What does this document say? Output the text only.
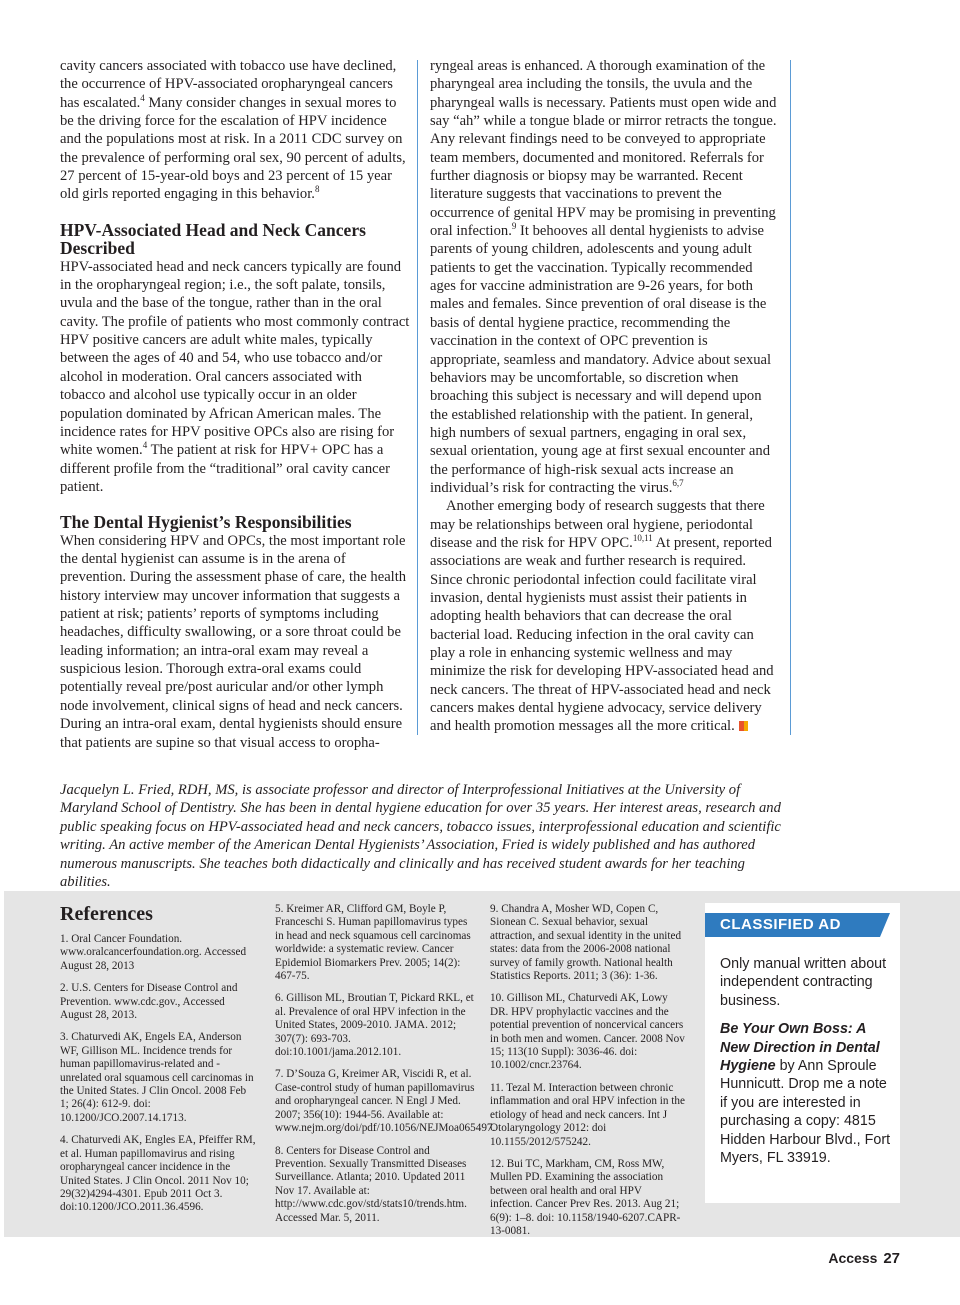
cavity cancers associated with tobacco use have declined, the occurrence of HPV-associated oropharyngeal cancers has escalated.$^4$ Many consider changes in sexual mores to be the driving force for the escalation of HPV incidence and the populations most at risk. In a 2011 CDC survey on the prevalence of performing oral sex, 90 percent of adults, 27 percent of 15-year-old boys and 23 percent of 15 year old girls reported engaging in this behavior.$^8$

HPV-Associated Head and Neck Cancers Described

HPV-associated head and neck cancers typically are found in the oropharyngeal region; i.e., the soft palate, tonsils, uvula and the base of the tongue, rather than in the oral cavity. The profile of patients who most commonly contract HPV positive cancers are adult white males, typically between the ages of 40 and 54, who use tobacco and/or alcohol in moderation. Oral cancers associated with tobacco and alcohol use typically occur in an older population dominated by African American males. The incidence rates for HPV positive OPCs also are rising for white women.$^4$ The patient at risk for HPV+ OPC has a different profile from the “traditional” oral cavity cancer patient.

The Dental Hygienist’s Responsibilities

When considering HPV and OPCs, the most important role the dental hygienist can assume is in the arena of prevention. During the assessment phase of care, the health history interview may uncover information that suggests a patient at risk; patients’ reports of symptoms including headaches, difficulty swallowing, or a sore throat could be leading information; an intra-oral exam may reveal a suspicious lesion. Thorough extra-oral exams could potentially reveal pre/post auricular and/or other lymph node involvement, clinical signs of head and neck cancers. During an intra-oral exam, dental hygienists should ensure that patients are supine so that visual access to oropha-

ryngeal areas is enhanced. A thorough examination of the pharyngeal area including the tonsils, the uvula and the pharyngeal walls is necessary. Patients must open wide and say “ah” while a tongue blade or mirror retracts the tongue. Any relevant findings need to be conveyed to appropriate team members, documented and monitored. Referrals for further diagnosis or biopsy may be warranted. Recent literature suggests that vaccinations to prevent the occurrence of genital HPV may be promising in preventing oral infection.$^9$ It behooves all dental hygienists to advise parents of young children, adolescents and young adult patients to get the vaccination. Typically recommended ages for vaccine administration are 9-26 years, for both males and females. Since prevention of oral disease is the basis of dental hygiene practice, recommending the vaccination in the context of OPC prevention is appropriate, seamless and mandatory. Advice about sexual behaviors may be uncomfortable, so discretion when broaching this subject is necessary and will depend upon the established relationship with the patient. In general, high numbers of sexual partners, engaging in oral sex, sexual orientation, young age at first sexual encounter and the performance of high-risk sexual acts increase an individual’s risk for contracting the virus.$^{6,7}$

Another emerging body of research suggests that there may be relationships between oral hygiene, periodontal disease and the risk for HPV OPC.$^{10,11}$ At present, reported associations are weak and further research is required. Since chronic periodontal infection could facilitate viral invasion, dental hygienists must assist their patients in adopting health behaviors that can decrease the oral bacterial load. Reducing infection in the oral cavity can play a role in enhancing systemic wellness and may minimize the risk for developing HPV-associated head and neck cancers. The threat of HPV-associated head and neck cancers makes dental hygiene advocacy, service delivery and health promotion messages all the more critical.

Jacquelyn L. Fried, RDH, MS, is associate professor and director of Interprofessional Initiatives at the University of Maryland School of Dentistry. She has been in dental hygiene education for over 35 years. Her interest areas, research and public speaking focus on HPV-associated head and neck cancers, tobacco issues, interprofessional education and scientific writing. An active member of the American Dental Hygienists’ Association, Fried is widely published and has authored numerous manuscripts. She teaches both didactically and clinically and has received student awards for her teaching abilities.

References

1. Oral Cancer Foundation. www.oralcancerfoundation.org. Accessed August 28, 2013

2. U.S. Centers for Disease Control and Prevention. www.cdc.gov., Accessed August 28, 2013.

3. Chaturvedi AK, Engels EA, Anderson WF, Gillison ML. Incidence trends for human papillomavirus-related and -unrelated oral squamous cell carcinomas in the United States. J Clin Oncol. 2008 Feb 1; 26(4): 612-9. doi: 10.1200/JCO.2007.14.1713.

4. Chaturvedi AK, Engles EA, Pfeiffer RM, et al. Human papillomavirus and rising oropharyngeal cancer incidence in the United States. J Clin Oncol. 2011 Nov 10; 29(32)4294-4301. Epub 2011 Oct 3. doi:10.1200/JCO.2011.36.4596.

5. Kreimer AR, Clifford GM, Boyle P, Franceschi S. Human papillomavirus types in head and neck squamous cell carcinomas worldwide: a systematic review. Cancer Epidemiol Biomarkers Prev. 2005; 14(2): 467-75.

6. Gillison ML, Broutian T, Pickard RKL, et al. Prevalence of oral HPV infection in the United States, 2009-2010. JAMA. 2012; 307(7): 693-703. doi:10.1001/jama.2012.101.

7. D’Souza G, Kreimer AR, Viscidi R, et al. Case-control study of human papillomavirus and oropharyngeal cancer. N Engl J Med. 2007; 356(10): 1944-56. Available at: www.nejm.org/doi/pdf/10.1056/NEJMoa065497.

8. Centers for Disease Control and Prevention. Sexually Transmitted Diseases Surveillance. Atlanta; 2010. Updated 2011 Nov 17. Available at: http://www.cdc.gov/std/stats10/trends.htm. Accessed Mar. 5, 2011.

9. Chandra A, Mosher WD, Copen C, Sionean C. Sexual behavior, sexual attraction, and sexual identity in the united states: data from the 2006-2008 national survey of family growth. National health Statistics Reports. 2011; 3 (36): 1-36.

10. Gillison ML, Chaturvedi AK, Lowy DR. HPV prophylactic vaccines and the potential prevention of noncervical cancers in both men and women. Cancer. 2008 Nov 15; 113(10 Suppl): 3036-46. doi: 10.1002/cncr.23764.

11. Tezal M. Interaction between chronic inflammation and oral HPV infection in the etiology of head and neck cancers. Int J Otolaryngology 2012: doi 10.1155/2012/575242.

12. Bui TC, Markham, CM, Ross MW, Mullen PD. Examining the association between oral health and oral HPV infection. Cancer Prev Res. 2013. Aug 21; 6(9): 1–8. doi: 10.1158/1940-6207.CAPR-13-0081.

CLASSIFIED AD

Only manual written about independent contracting business.

Be Your Own Boss: A New Direction in Dental Hygiene by Ann Sproule Hunnicutt. Drop me a note if you are interested in purchasing a copy: 4815 Hidden Harbour Blvd., Fort Myers, FL 33919.

Access 27
